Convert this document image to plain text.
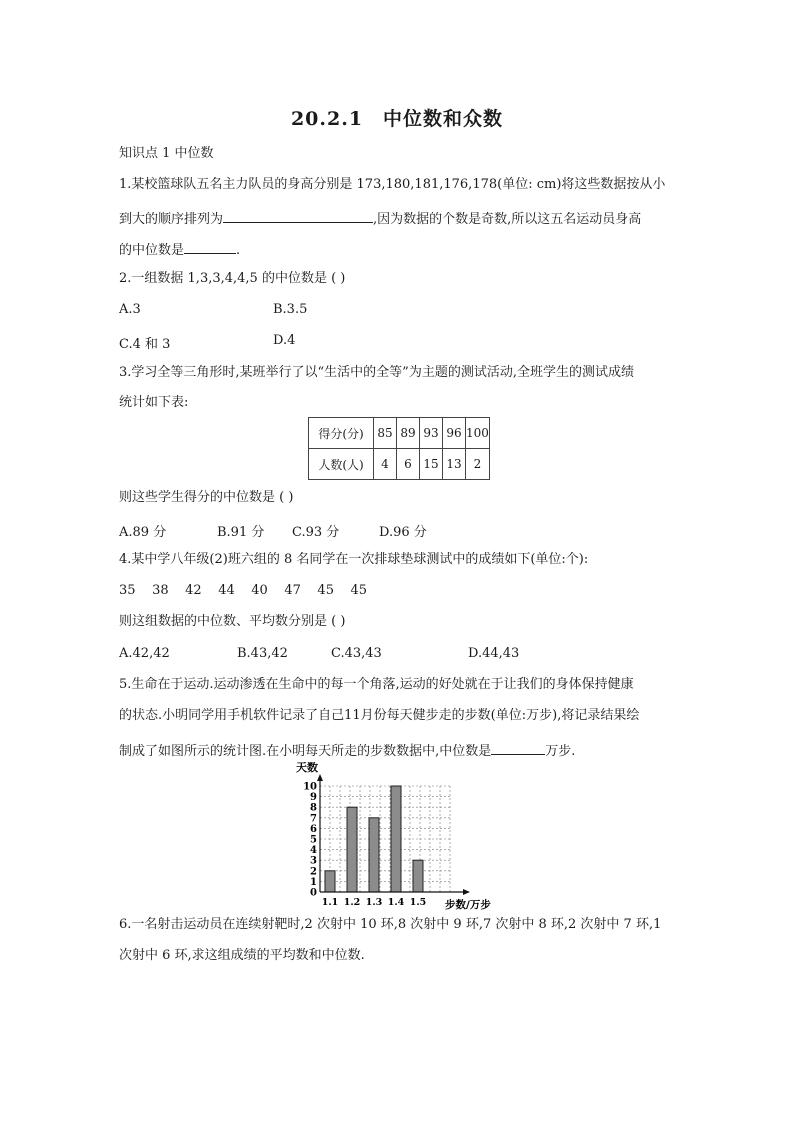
20.2.1　中位数和众数
知识点 1 中位数
1.某校篮球队五名主力队员的身高分别是 173,180,181,176,178(单位: cm)将这些数据按从小
到大的顺序排列为	,因为数据的个数是奇数,所以这五名运动员身高
的中位数是	.
2.一组数据 1,3,3,4,4,5 的中位数是 ( )
A.3	B.3.5
C.4 和 3	D.4
3.学习全等三角形时,某班举行了以“生活中的全等”为主题的测试活动,全班学生的测试成绩
统计如下表:
得分(分)	85	89	93	96	100
人数(人)	4	6	15	13	2
则这些学生得分的中位数是 ( )
A.89 分	B.91 分 C.93 分	D.96 分
4.某中学八年级(2)班六组的 8 名同学在一次排球垫球测试中的成绩如下(单位:个):
35    38    42    44    40    47    45    45
则这组数据的中位数、平均数分别是 ( )
A.42,42	B.43,42	C.43,43	D.44,43
5.生命在于运动.运动渗透在生命中的每一个角落,运动的好处就在于让我们的身体保持健康
的状态.小明同学用手机软件记录了自己11月份每天健步走的步数(单位:万步),将记录结果绘
制成了如图所示的统计图.在小明每天所走的步数数据中,中位数是	万步.
0
1
2
3
4
5
6
7
8
9
10
1.1 1.2 1.3 1.4 1.5
天数
步数/万步
6.一名射击运动员在连续射靶时,2 次射中 10 环,8 次射中 9 环,7 次射中 8 环,2 次射中 7 环,1
次射中 6 环,求这组成绩的平均数和中位数.
